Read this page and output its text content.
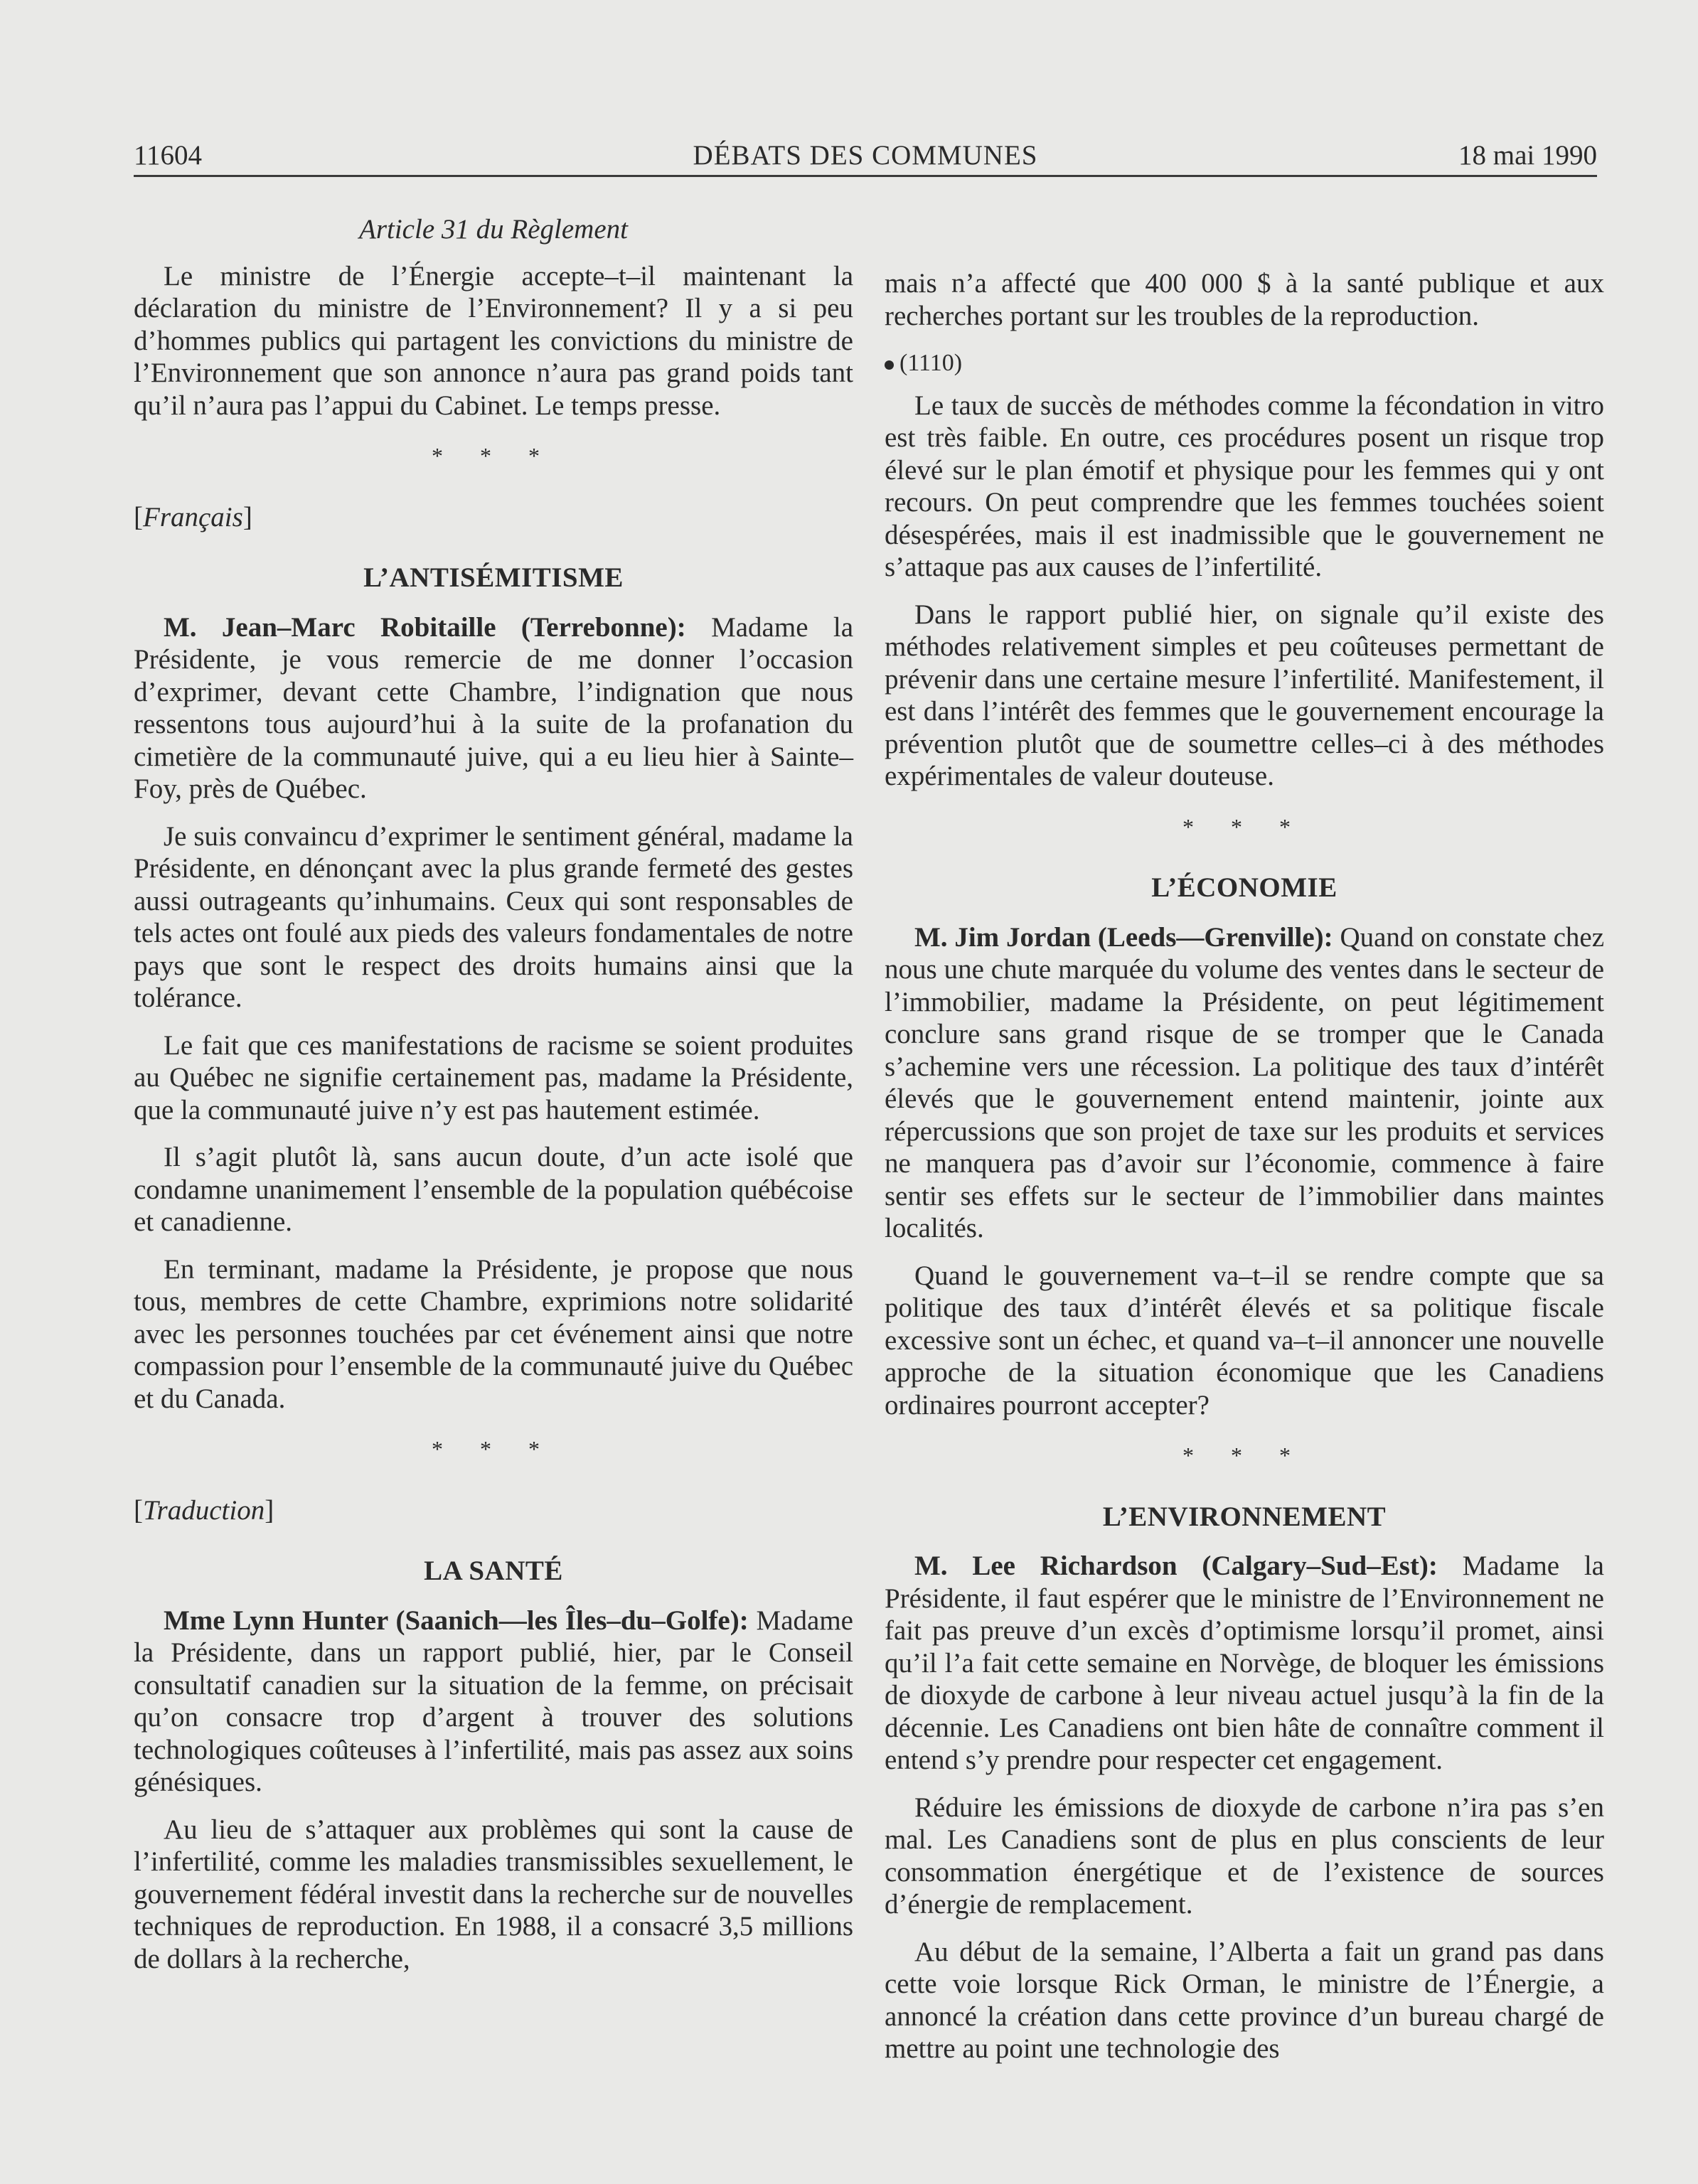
11604	DÉBATS DES COMMUNES	18 mai 1990
Article 31 du Règlement

Le ministre de l’Énergie accepte–t–il maintenant la déclaration du ministre de l’Environnement? Il y a si peu d’hommes publics qui partagent les convictions du ministre de l’Environnement que son annonce n’aura pas grand poids tant qu’il n’aura pas l’appui du Cabinet. Le temps presse.

* * *
[Français]
L’ANTISÉMITISME

M. Jean–Marc Robitaille (Terrebonne): Madame la Présidente, je vous remercie de me donner l’occasion d’exprimer, devant cette Chambre, l’indignation que nous ressentons tous aujourd’hui à la suite de la profanation du cimetière de la communauté juive, qui a eu lieu hier à Sainte–Foy, près de Québec.

Je suis convaincu d’exprimer le sentiment général, madame la Présidente, en dénonçant avec la plus grande fermeté des gestes aussi outrageants qu’inhumains. Ceux qui sont responsables de tels actes ont foulé aux pieds des valeurs fondamentales de notre pays que sont le respect des droits humains ainsi que la tolérance.

Le fait que ces manifestations de racisme se soient produites au Québec ne signifie certainement pas, madame la Présidente, que la communauté juive n’y est pas hautement estimée.

Il s’agit plutôt là, sans aucun doute, d’un acte isolé que condamne unanimement l’ensemble de la population québécoise et canadienne.

En terminant, madame la Présidente, je propose que nous tous, membres de cette Chambre, exprimions notre solidarité avec les personnes touchées par cet événement ainsi que notre compassion pour l’ensemble de la communauté juive du Québec et du Canada.

* * *
[Traduction]
LA SANTÉ

Mme Lynn Hunter (Saanich—les Îles–du–Golfe): Madame la Présidente, dans un rapport publié, hier, par le Conseil consultatif canadien sur la situation de la femme, on précisait qu’on consacre trop d’argent à trouver des solutions technologiques coûteuses à l’infertilité, mais pas assez aux soins génésiques.

Au lieu de s’attaquer aux problèmes qui sont la cause de l’infertilité, comme les maladies transmissibles sexuellement, le gouvernement fédéral investit dans la recherche sur de nouvelles techniques de reproduction. En 1988, il a consacré 3,5 millions de dollars à la recherche,

mais n’a affecté que 400 000 $ à la santé publique et aux recherches portant sur les troubles de la reproduction.

(1110)

Le taux de succès de méthodes comme la fécondation in vitro est très faible. En outre, ces procédures posent un risque trop élevé sur le plan émotif et physique pour les femmes qui y ont recours. On peut comprendre que les femmes touchées soient désespérées, mais il est inadmissible que le gouvernement ne s’attaque pas aux causes de l’infertilité.

Dans le rapport publié hier, on signale qu’il existe des méthodes relativement simples et peu coûteuses permettant de prévenir dans une certaine mesure l’infertilité. Manifestement, il est dans l’intérêt des femmes que le gouvernement encourage la prévention plutôt que de soumettre celles–ci à des méthodes expérimentales de valeur douteuse.

* * *
L’ÉCONOMIE

M. Jim Jordan (Leeds—Grenville): Quand on constate chez nous une chute marquée du volume des ventes dans le secteur de l’immobilier, madame la Présidente, on peut légitimement conclure sans grand risque de se tromper que le Canada s’achemine vers une récession. La politique des taux d’intérêt élevés que le gouvernement entend maintenir, jointe aux répercussions que son projet de taxe sur les produits et services ne manquera pas d’avoir sur l’économie, commence à faire sentir ses effets sur le secteur de l’immobilier dans maintes localités.

Quand le gouvernement va–t–il se rendre compte que sa politique des taux d’intérêt élevés et sa politique fiscale excessive sont un échec, et quand va–t–il annoncer une nouvelle approche de la situation économique que les Canadiens ordinaires pourront accepter?

* * *
L’ENVIRONNEMENT

M. Lee Richardson (Calgary–Sud–Est): Madame la Présidente, il faut espérer que le ministre de l’Environnement ne fait pas preuve d’un excès d’optimisme lorsqu’il promet, ainsi qu’il l’a fait cette semaine en Norvège, de bloquer les émissions de dioxyde de carbone à leur niveau actuel jusqu’à la fin de la décennie. Les Canadiens ont bien hâte de connaître comment il entend s’y prendre pour respecter cet engagement.

Réduire les émissions de dioxyde de carbone n’ira pas s’en mal. Les Canadiens sont de plus en plus conscients de leur consommation énergétique et de l’existence de sources d’énergie de remplacement.

Au début de la semaine, l’Alberta a fait un grand pas dans cette voie lorsque Rick Orman, le ministre de l’Énergie, a annoncé la création dans cette province d’un bureau chargé de mettre au point une technologie des
